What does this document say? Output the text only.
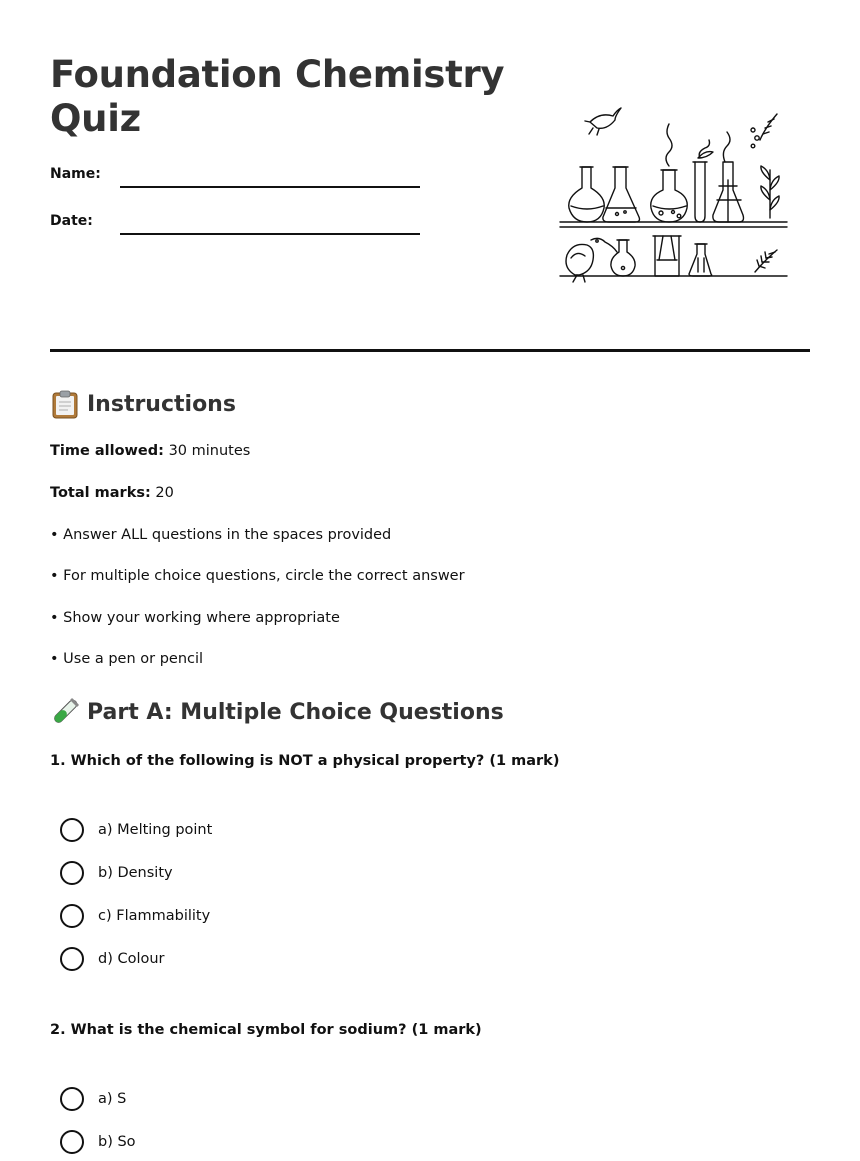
Foundation Chemistry Quiz
Name:
Date:
Instructions

Time allowed: 30 minutes

Total marks: 20

• Answer ALL questions in the spaces provided

• For multiple choice questions, circle the correct answer

• Show your working where appropriate

• Use a pen or pencil

Part A: Multiple Choice Questions

1. Which of the following is NOT a physical property? (1 mark)

a) Melting point
b) Density
c) Flammability
d) Colour

2. What is the chemical symbol for sodium? (1 mark)

a) S
b) So
